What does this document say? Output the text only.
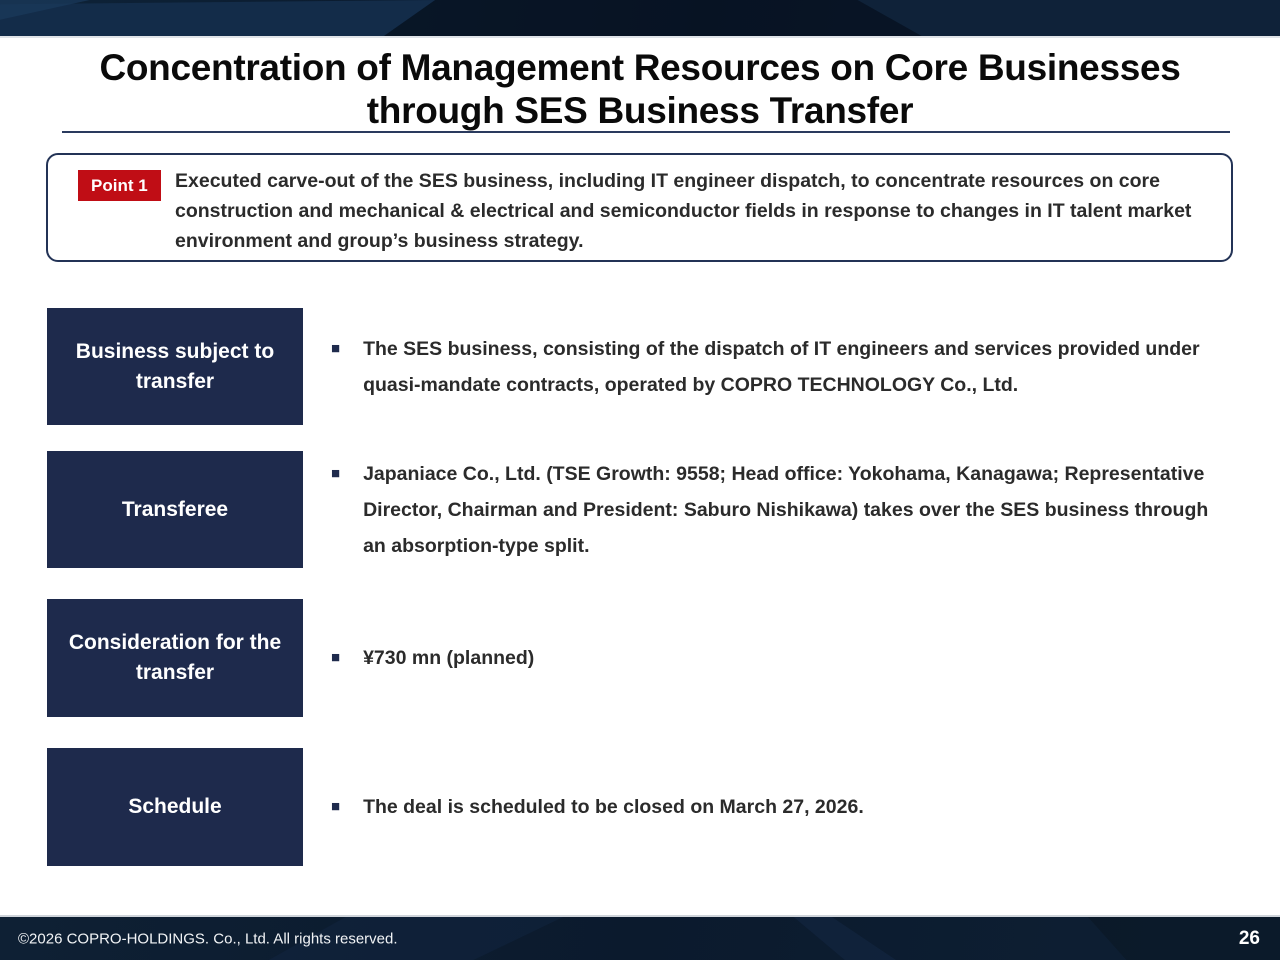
Concentration of Management Resources on Core Businesses
through SES Business Transfer
Point 1	Executed carve-out of the SES business, including IT engineer dispatch, to concentrate resources on core construction and mechanical & electrical and semiconductor fields in response to changes in IT talent market environment and group’s business strategy.

Business subject to transfer
■ The SES business, consisting of the dispatch of IT engineers and services provided under quasi-mandate contracts, operated by COPRO TECHNOLOGY Co., Ltd.

Transferee
■ Japaniace Co., Ltd. (TSE Growth: 9558; Head office: Yokohama, Kanagawa; Representative Director, Chairman and President: Saburo Nishikawa) takes over the SES business through an absorption-type split.

Consideration for the transfer
■ ¥730 mn (planned)

Schedule	■ The deal is scheduled to be closed on March 27, 2026.

©2026 COPRO-HOLDINGS. Co., Ltd. All rights reserved.	26
